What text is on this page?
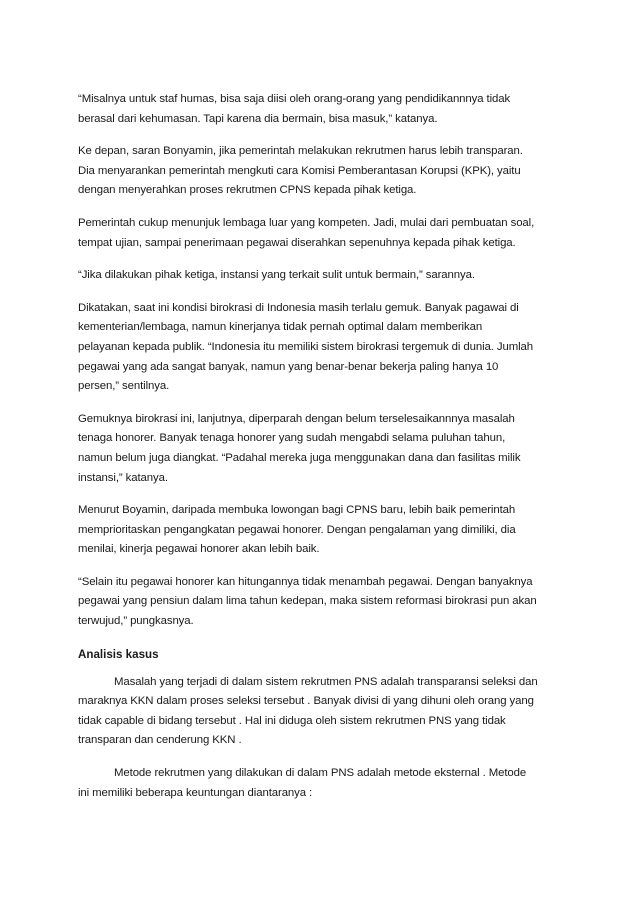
“Misalnya untuk staf humas, bisa saja diisi oleh orang-orang yang pendidikannnya tidak
berasal dari kehumasan. Tapi karena dia bermain, bisa masuk,” katanya.

Ke depan, saran Bonyamin, jika pemerintah melakukan rekrutmen harus lebih transparan.
Dia menyarankan pemerintah mengkuti cara Komisi Pemberantasan Korupsi (KPK), yaitu
dengan menyerahkan proses rekrutmen CPNS kepada pihak ketiga.

Pemerintah cukup menunjuk lembaga luar yang kompeten. Jadi, mulai dari pembuatan soal,
tempat ujian, sampai penerimaan pegawai diserahkan sepenuhnya kepada pihak ketiga.

“Jika dilakukan pihak ketiga, instansi yang terkait sulit untuk bermain,” sarannya.

Dikatakan, saat ini kondisi birokrasi di Indonesia masih terlalu gemuk. Banyak pagawai di
kementerian/lembaga, namun kinerjanya tidak pernah optimal dalam memberikan
pelayanan kepada publik. “Indonesia itu memiliki sistem birokrasi tergemuk di dunia. Jumlah
pegawai yang ada sangat banyak, namun yang benar-benar bekerja paling hanya 10
persen,” sentilnya.

Gemuknya birokrasi ini, lanjutnya, diperparah dengan belum terselesaikannnya masalah
tenaga honorer. Banyak tenaga honorer yang sudah mengabdi selama puluhan tahun,
namun belum juga diangkat. “Padahal mereka juga menggunakan dana dan fasilitas milik
instansi,” katanya.

Menurut Boyamin, daripada membuka lowongan bagi CPNS baru, lebih baik pemerintah
memprioritaskan pengangkatan pegawai honorer. Dengan pengalaman yang dimiliki, dia
menilai, kinerja pegawai honorer akan lebih baik.

“Selain itu pegawai honorer kan hitungannya tidak menambah pegawai. Dengan banyaknya
pegawai yang pensiun dalam lima tahun kedepan, maka sistem reformasi birokrasi pun akan
terwujud,” pungkasnya.

Analisis kasus

Masalah yang terjadi di dalam sistem rekrutmen PNS adalah transparansi seleksi dan
maraknya KKN dalam proses seleksi tersebut . Banyak divisi di yang dihuni oleh orang yang
tidak capable di bidang tersebut . Hal ini diduga oleh sistem rekrutmen PNS yang tidak
transparan dan cenderung KKN .

Metode rekrutmen yang dilakukan di dalam PNS adalah metode eksternal . Metode
ini memiliki beberapa keuntungan diantaranya :
